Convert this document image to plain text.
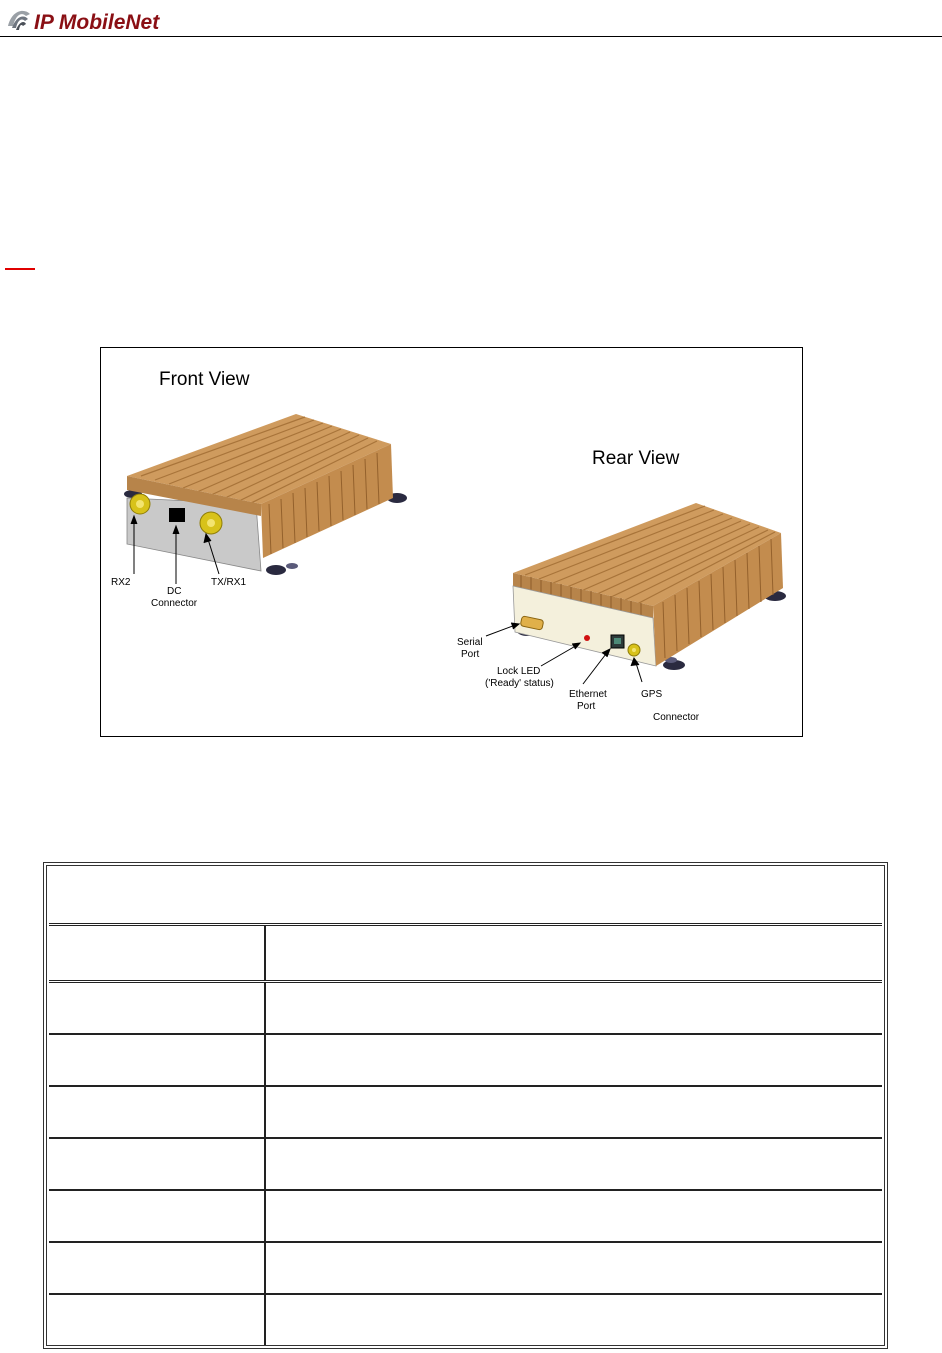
IP MobileNet
Front View
Rear View
RX2
DC
Connector
TX/RX1
Serial
Port
Lock LED
('Ready' status)
Ethernet
Port
GPS
Connector
